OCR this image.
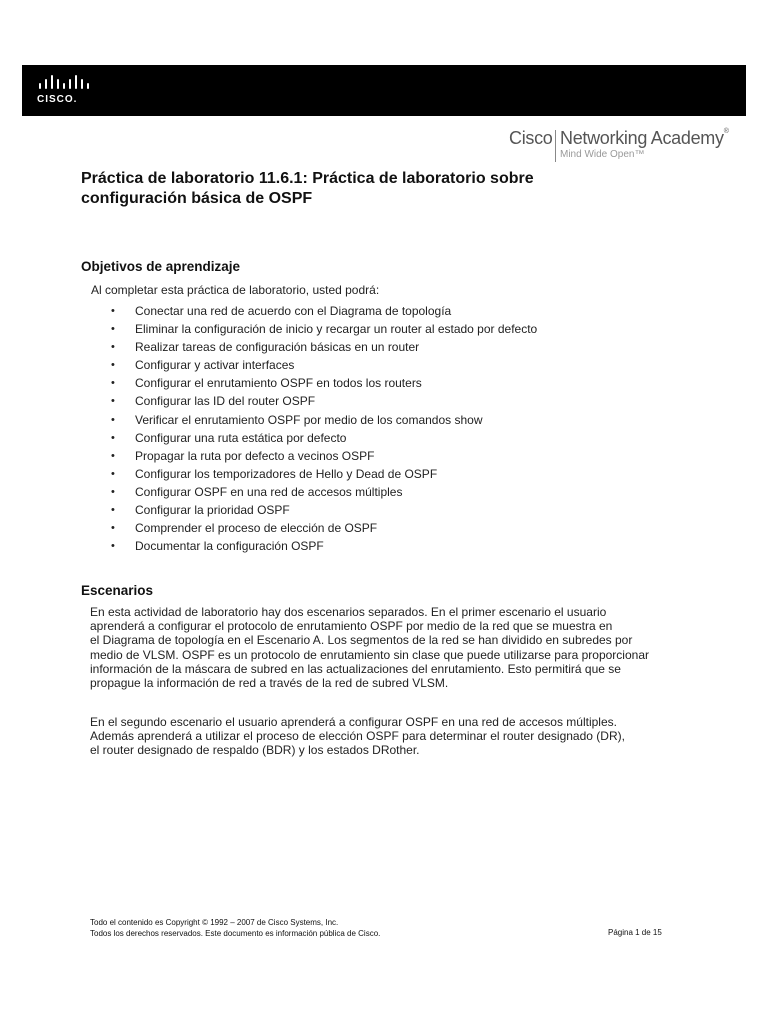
CISCO.
Cisco Networking Academy®
Mind Wide Open™
Práctica de laboratorio 11.6.1: Práctica de laboratorio sobre
configuración básica de OSPF
Objetivos de aprendizaje
Al completar esta práctica de laboratorio, usted podrá:
• Conectar una red de acuerdo con el Diagrama de topología
• Eliminar la configuración de inicio y recargar un router al estado por defecto
• Realizar tareas de configuración básicas en un router
• Configurar y activar interfaces
• Configurar el enrutamiento OSPF en todos los routers
• Configurar las ID del router OSPF
• Verificar el enrutamiento OSPF por medio de los comandos show
• Configurar una ruta estática por defecto
• Propagar la ruta por defecto a vecinos OSPF
• Configurar los temporizadores de Hello y Dead de OSPF
• Configurar OSPF en una red de accesos múltiples
• Configurar la prioridad OSPF
• Comprender el proceso de elección de OSPF
• Documentar la configuración OSPF
Escenarios
En esta actividad de laboratorio hay dos escenarios separados. En el primer escenario el usuario
aprenderá a configurar el protocolo de enrutamiento OSPF por medio de la red que se muestra en
el Diagrama de topología en el Escenario A. Los segmentos de la red se han dividido en subredes por
medio de VLSM. OSPF es un protocolo de enrutamiento sin clase que puede utilizarse para proporcionar
información de la máscara de subred en las actualizaciones del enrutamiento. Esto permitirá que se
propague la información de red a través de la red de subred VLSM.
En el segundo escenario el usuario aprenderá a configurar OSPF en una red de accesos múltiples.
Además aprenderá a utilizar el proceso de elección OSPF para determinar el router designado (DR),
el router designado de respaldo (BDR) y los estados DRother.
Todo el contenido es Copyright © 1992 – 2007 de Cisco Systems, Inc.
Todos los derechos reservados. Este documento es información pública de Cisco.	Página 1 de 15
